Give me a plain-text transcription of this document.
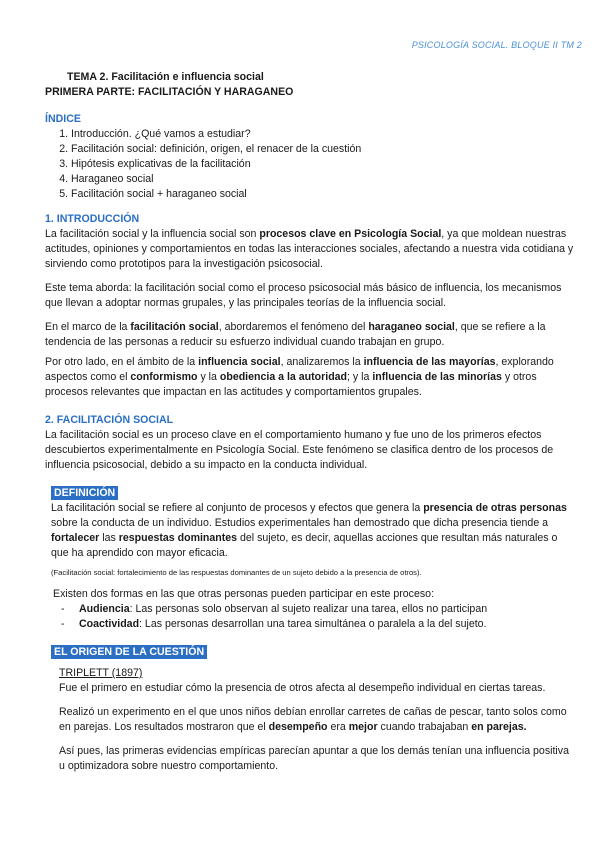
PSICOLOGÍA SOCIAL. BLOQUE II TM 2

TEMA 2. Facilitación e influencia social

PRIMERA PARTE: FACILITACIÓN Y HARAGANEO

ÍNDICE

1. Introducción. ¿Qué vamos a estudiar?
2. Facilitación social: definición, origen, el renacer de la cuestión
3. Hipótesis explicativas de la facilitación
4. Haraganeo social
5. Facilitación social + haraganeo social

1. INTRODUCCIÓN

La facilitación social y la influencia social son procesos clave en Psicología Social, ya que moldean nuestras actitudes, opiniones y comportamientos en todas las interacciones sociales, afectando a nuestra vida cotidiana y sirviendo como prototipos para la investigación psicosocial.

Este tema aborda: la facilitación social como el proceso psicosocial más básico de influencia, los mecanismos que llevan a adoptar normas grupales, y las principales teorías de la influencia social.

En el marco de la facilitación social, abordaremos el fenómeno del haraganeo social, que se refiere a la tendencia de las personas a reducir su esfuerzo individual cuando trabajan en grupo.

Por otro lado, en el ámbito de la influencia social, analizaremos la influencia de las mayorías, explorando aspectos como el conformismo y la obediencia a la autoridad; y la influencia de las minorías y otros procesos relevantes que impactan en las actitudes y comportamientos grupales.

2. FACILITACIÓN SOCIAL

La facilitación social es un proceso clave en el comportamiento humano y fue uno de los primeros efectos descubiertos experimentalmente en Psicología Social. Este fenómeno se clasifica dentro de los procesos de influencia psicosocial, debido a su impacto en la conducta individual.

DEFINICIÓN

La facilitación social se refiere al conjunto de procesos y efectos que genera la presencia de otras personas sobre la conducta de un individuo. Estudios experimentales han demostrado que dicha presencia tiende a fortalecer las respuestas dominantes del sujeto, es decir, aquellas acciones que resultan más naturales o que ha aprendido con mayor eficacia.

(Facilitación social: fortalecimiento de las respuestas dominantes de un sujeto debido a la presencia de otros).

Existen dos formas en las que otras personas pueden participar en este proceso:

- Audiencia: Las personas solo observan al sujeto realizar una tarea, ellos no participan
- Coactividad: Las personas desarrollan una tarea simultánea o paralela a la del sujeto.
EL ORIGEN DE LA CUESTIÓN

TRIPLETT (1897)

Fue el primero en estudiar cómo la presencia de otros afecta al desempeño individual en ciertas tareas.

Realizó un experimento en el que unos niños debían enrollar carretes de cañas de pescar, tanto solos como en parejas. Los resultados mostraron que el desempeño era mejor cuando trabajaban en parejas.

Así pues, las primeras evidencias empíricas parecían apuntar a que los demás tenían una influencia positiva u optimizadora sobre nuestro comportamiento.
